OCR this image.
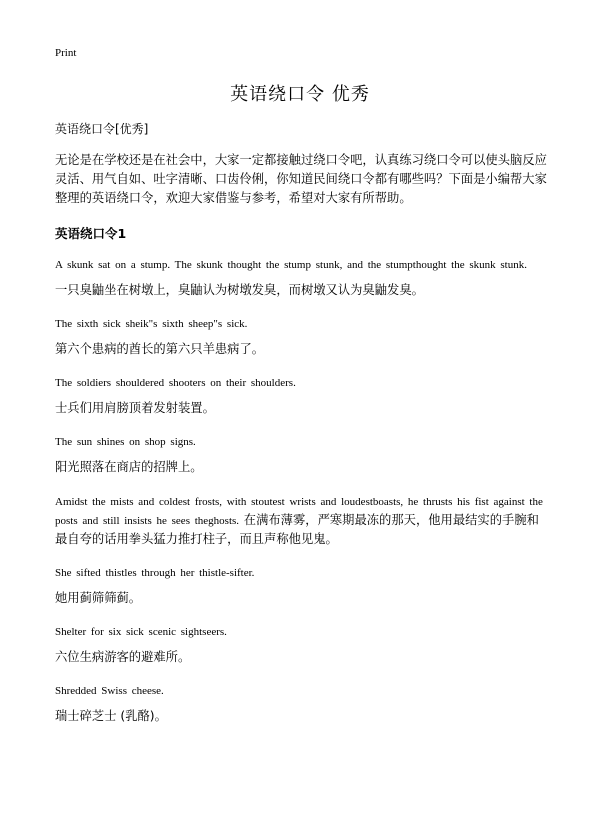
Print
英语绕口令 优秀

英语绕口令[优秀]

无论是在学校还是在社会中，大家一定都接触过绕口令吧，认真练习绕口令可以使头脑反应灵活、用气自如、吐字清晰、口齿伶俐，你知道民间绕口令都有哪些吗？下面是小编帮大家整理的英语绕口令，欢迎大家借鉴与参考，希望对大家有所帮助。

英语绕口令1

A skunk sat on a stump. The skunk thought the stump stunk, and the stumpthought the skunk stunk.

一只臭鼬坐在树墩上，臭鼬认为树墩发臭，而树墩又认为臭鼬发臭。

The sixth sick sheik"s sixth sheep"s sick.

第六个患病的酋长的第六只羊患病了。

The soldiers shouldered shooters on their shoulders.

士兵们用肩膀顶着发射装置。

The sun shines on shop signs.

阳光照落在商店的招牌上。

Amidst the mists and coldest frosts, with stoutest wrists and loudestboasts, he thrusts his fist against the posts and still insists he sees theghosts. 在满布薄雾，严寒期最冻的那天，他用最结实的手腕和最自夸的话用拳头猛力推打柱子，而且声称他见鬼。

She sifted thistles through her thistle-sifter.

她用蓟筛筛蓟。

Shelter for six sick scenic sightseers.

六位生病游客的避难所。

Shredded Swiss cheese.

瑞士碎芝士 (乳酪)。
